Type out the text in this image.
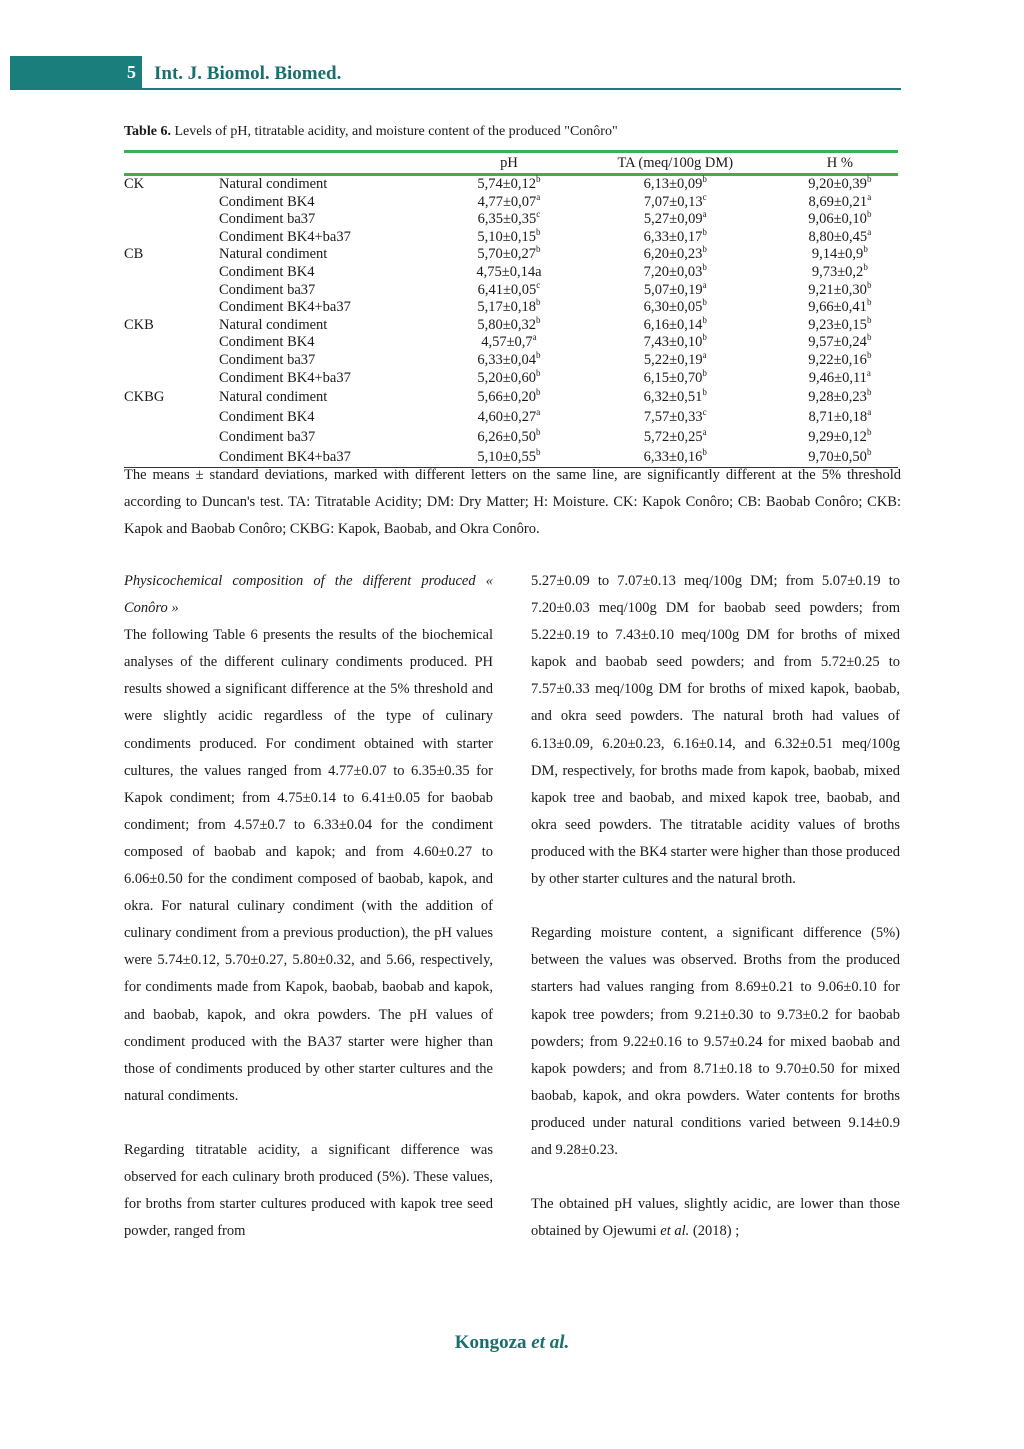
5 Int. J. Biomol. Biomed.
Table 6. Levels of pH, titratable acidity, and moisture content of the produced "Conôro"
		pH	TA (meq/100g DM)	H %
CK	Natural condiment	5,74±0,12$^b$	6,13±0,09$^b$	9,20±0,39$^b$
	Condiment BK4	4,77±0,07$^a$	7,07±0,13$^c$	8,69±0,21$^a$
	Condiment ba37	6,35±0,35$^c$	5,27±0,09$^a$	9,06±0,10$^b$
	Condiment BK4+ba37	5,10±0,15$^b$	6,33±0,17$^b$	8,80±0,45$^a$
CB	Natural condiment	5,70±0,27$^b$	6,20±0,23$^b$	9,14±0,9$^b$
	Condiment BK4	4,75±0,14a	7,20±0,03$^b$	9,73±0,2$^b$
	Condiment ba37	6,41±0,05$^c$	5,07±0,19$^a$	9,21±0,30$^b$
	Condiment BK4+ba37	5,17±0,18$^b$	6,30±0,05$^b$	9,66±0,41$^b$
CKB	Natural condiment	5,80±0,32$^b$	6,16±0,14$^b$	9,23±0,15$^b$
	Condiment BK4	4,57±0,7$^a$	7,43±0,10$^b$	9,57±0,24$^b$
	Condiment ba37	6,33±0,04$^b$	5,22±0,19$^a$	9,22±0,16$^b$
	Condiment BK4+ba37	5,20±0,60$^b$	6,15±0,70$^b$	9,46±0,11$^a$
CKBG	Natural condiment	5,66±0,20$^b$	6,32±0,51$^b$	9,28±0,23$^b$
	Condiment BK4	4,60±0,27$^a$	7,57±0,33$^c$	8,71±0,18$^a$
	Condiment ba37	6,26±0,50$^b$	5,72±0,25$^a$	9,29±0,12$^b$
	Condiment BK4+ba37	5,10±0,55$^b$	6,33±0,16$^b$	9,70±0,50$^b$
The means ± standard deviations, marked with different letters on the same line, are significantly different at the 5% threshold according to Duncan's test. TA: Titratable Acidity; DM: Dry Matter; H: Moisture. CK: Kapok Conôro; CB: Baobab Conôro; CKB: Kapok and Baobab Conôro; CKBG: Kapok, Baobab, and Okra Conôro.

Physicochemical composition of the different produced « Conôro »

The following Table 6 presents the results of the biochemical analyses of the different culinary condiments produced. PH results showed a significant difference at the 5% threshold and were slightly acidic regardless of the type of culinary condiments produced. For condiment obtained with starter cultures, the values ranged from 4.77±0.07 to 6.35±0.35 for Kapok condiment; from 4.75±0.14 to 6.41±0.05 for baobab condiment; from 4.57±0.7 to 6.33±0.04 for the condiment composed of baobab and kapok; and from 4.60±0.27 to 6.06±0.50 for the condiment composed of baobab, kapok, and okra. For natural culinary condiment (with the addition of culinary condiment from a previous production), the pH values were 5.74±0.12, 5.70±0.27, 5.80±0.32, and 5.66, respectively, for condiments made from Kapok, baobab, baobab and kapok, and baobab, kapok, and okra powders. The pH values of condiment produced with the BA37 starter were higher than those of condiments produced by other starter cultures and the natural condiments.

Regarding titratable acidity, a significant difference was observed for each culinary broth produced (5%). These values, for broths from starter cultures produced with kapok tree seed powder, ranged from

5.27±0.09 to 7.07±0.13 meq/100g DM; from 5.07±0.19 to 7.20±0.03 meq/100g DM for baobab seed powders; from 5.22±0.19 to 7.43±0.10 meq/100g DM for broths of mixed kapok and baobab seed powders; and from 5.72±0.25 to 7.57±0.33 meq/100g DM for broths of mixed kapok, baobab, and okra seed powders. The natural broth had values of 6.13±0.09, 6.20±0.23, 6.16±0.14, and 6.32±0.51 meq/100g DM, respectively, for broths made from kapok, baobab, mixed kapok tree and baobab, and mixed kapok tree, baobab, and okra seed powders. The titratable acidity values of broths produced with the BK4 starter were higher than those produced by other starter cultures and the natural broth.

Regarding moisture content, a significant difference (5%) between the values was observed. Broths from the produced starters had values ranging from 8.69±0.21 to 9.06±0.10 for kapok tree powders; from 9.21±0.30 to 9.73±0.2 for baobab powders; from 9.22±0.16 to 9.57±0.24 for mixed baobab and kapok powders; and from 8.71±0.18 to 9.70±0.50 for mixed baobab, kapok, and okra powders. Water contents for broths produced under natural conditions varied between 9.14±0.9 and 9.28±0.23.

The obtained pH values, slightly acidic, are lower than those obtained by Ojewumi et al. (2018) ;

Kongoza et al.
